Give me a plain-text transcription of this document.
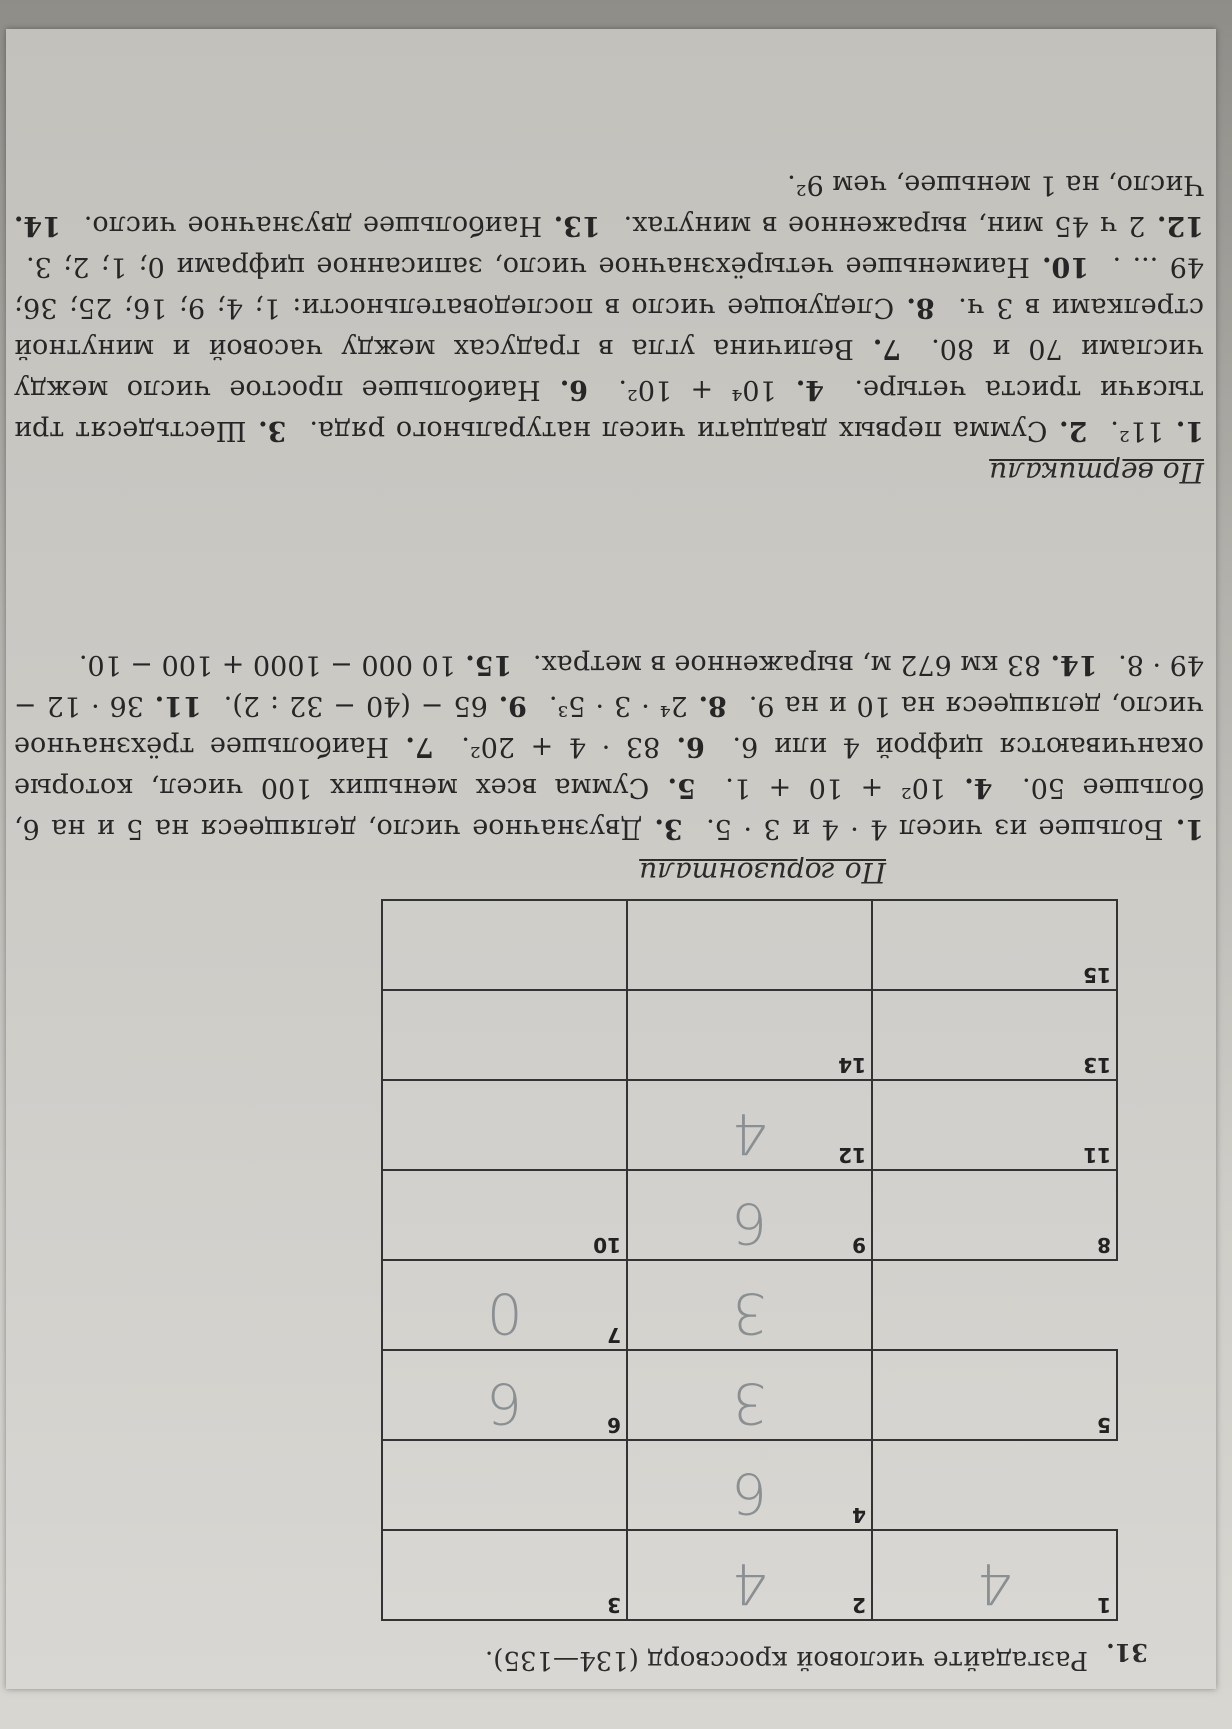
31.
Разгадайте числовой кроссворд (134—135).
1
4
2
4
3
4
6
5
3
6
6
3
7
0
8
9
6
10
11
12
4
13
14
15
По горизонтали
1. Большее из чисел 4 · 4 и 3 · 5. 3. Двузначное число, делящееся на 5 и на 6, большее 50. 4. 10² + 10 + 1. 5. Сумма всех меньших 100 чисел, которые оканчиваются цифрой 4 или 6. 6. 83 · 4 + 20². 7. Наибольшее трёхзначное число, делящееся на 10 и на 9. 8. 2⁴ · 3 · 5³. 9. 65 − (40 − 32 : 2). 11. 36 · 12 − 49 · 8. 14. 83 км 672 м, выраженное в метрах. 15. 10 000 − 1000 + 100 − 10.
По вертикали
1. 11². 2. Сумма первых двадцати чисел натурального ряда. 3. Шестьдесят три тысячи триста четыре. 4. 10⁴ + 10². 6. Наибольшее простое число между числами 70 и 80. 7. Величина угла в градусах между часовой и минутной стрелками в 3 ч. 8. Следующее число в последовательности: 1; 4; 9; 16; 25; 36; 49 ... . 10. Наименьшее четырёхзначное число, записанное цифрами 0; 1; 2; 3. 12. 2 ч 45 мин, выраженное в минутах. 13. Наибольшее двузначное число. 14. Число, на 1 меньшее, чем 9².
